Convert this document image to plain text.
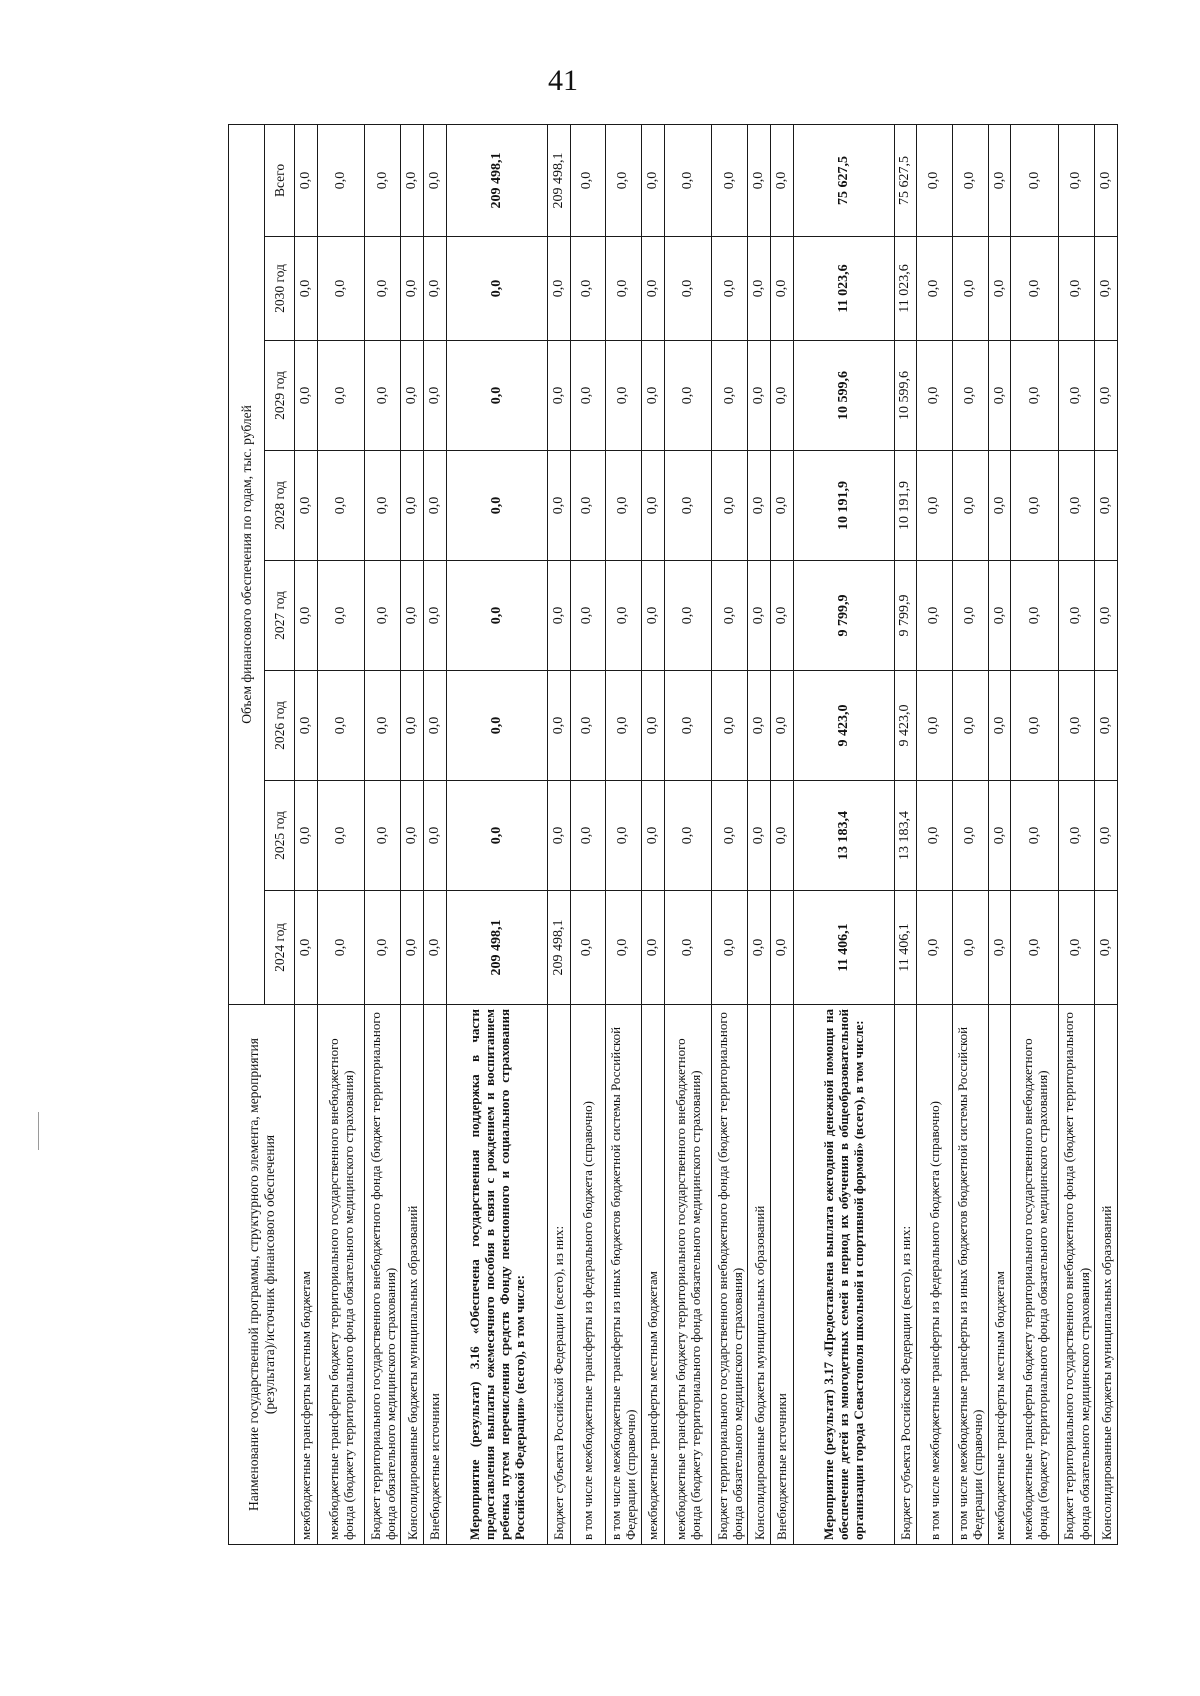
41
Наименование государственной программы, структурного элемента, мероприятия (результата)/источник финансового обеспечения	Объем финансового обеспечения по годам, тыс. рублей							
	2024 год	2025 год	2026 год	2027 год	2028 год	2029 год	2030 год	Всего
межбюджетные трансферты местным бюджетам	0,0	0,0	0,0	0,0	0,0	0,0	0,0	0,0
межбюджетные трансферты бюджету территориального государственного внебюджетного фонда (бюджету территориального фонда обязательного медицинского страхования)	0,0	0,0	0,0	0,0	0,0	0,0	0,0	0,0
Бюджет территориального государственного внебюджетного фонда (бюджет территориального фонда обязательного медицинского страхования)	0,0	0,0	0,0	0,0	0,0	0,0	0,0	0,0
Консолидированные бюджеты муниципальных образований	0,0	0,0	0,0	0,0	0,0	0,0	0,0	0,0
Внебюджетные источники	0,0	0,0	0,0	0,0	0,0	0,0	0,0	0,0
Мероприятие (результат) 3.16 «Обеспечена государственная поддержка в части предоставления выплаты ежемесячного пособия в связи с рождением и воспитанием ребенка путем перечисления средств Фонду пенсионного и социального страхования Российской Федерации» (всего), в том числе:	209 498,1	0,0	0,0	0,0	0,0	0,0	0,0	209 498,1
Бюджет субъекта Российской Федерации (всего), из них:	209 498,1	0,0	0,0	0,0	0,0	0,0	0,0	209 498,1
в том числе межбюджетные трансферты из федерального бюджета (справочно)	0,0	0,0	0,0	0,0	0,0	0,0	0,0	0,0
в том числе межбюджетные трансферты из иных бюджетов бюджетной системы Российской Федерации (справочно)	0,0	0,0	0,0	0,0	0,0	0,0	0,0	0,0
межбюджетные трансферты местным бюджетам	0,0	0,0	0,0	0,0	0,0	0,0	0,0	0,0
межбюджетные трансферты бюджету территориального государственного внебюджетного фонда (бюджету территориального фонда обязательного медицинского страхования)	0,0	0,0	0,0	0,0	0,0	0,0	0,0	0,0
Бюджет территориального государственного внебюджетного фонда (бюджет территориального фонда обязательного медицинского страхования)	0,0	0,0	0,0	0,0	0,0	0,0	0,0	0,0
Консолидированные бюджеты муниципальных образований	0,0	0,0	0,0	0,0	0,0	0,0	0,0	0,0
Внебюджетные источники	0,0	0,0	0,0	0,0	0,0	0,0	0,0	0,0
Мероприятие (результат) 3.17 «Предоставлена выплата ежегодной денежной помощи на обеспечение детей из многодетных семей в период их обучения в общеобразовательной организации города Севастополя школьной и спортивной формой» (всего), в том числе:	11 406,1	13 183,4	9 423,0	9 799,9	10 191,9	10 599,6	11 023,6	75 627,5
Бюджет субъекта Российской Федерации (всего), из них:	11 406,1	13 183,4	9 423,0	9 799,9	10 191,9	10 599,6	11 023,6	75 627,5
в том числе межбюджетные трансферты из федерального бюджета (справочно)	0,0	0,0	0,0	0,0	0,0	0,0	0,0	0,0
в том числе межбюджетные трансферты из иных бюджетов бюджетной системы Российской Федерации (справочно)	0,0	0,0	0,0	0,0	0,0	0,0	0,0	0,0
межбюджетные трансферты местным бюджетам	0,0	0,0	0,0	0,0	0,0	0,0	0,0	0,0
межбюджетные трансферты бюджету территориального государственного внебюджетного фонда (бюджету территориального фонда обязательного медицинского страхования)	0,0	0,0	0,0	0,0	0,0	0,0	0,0	0,0
Бюджет территориального государственного внебюджетного фонда (бюджет территориального фонда обязательного медицинского страхования)	0,0	0,0	0,0	0,0	0,0	0,0	0,0	0,0
Консолидированные бюджеты муниципальных образований	0,0	0,0	0,0	0,0	0,0	0,0	0,0	0,0
